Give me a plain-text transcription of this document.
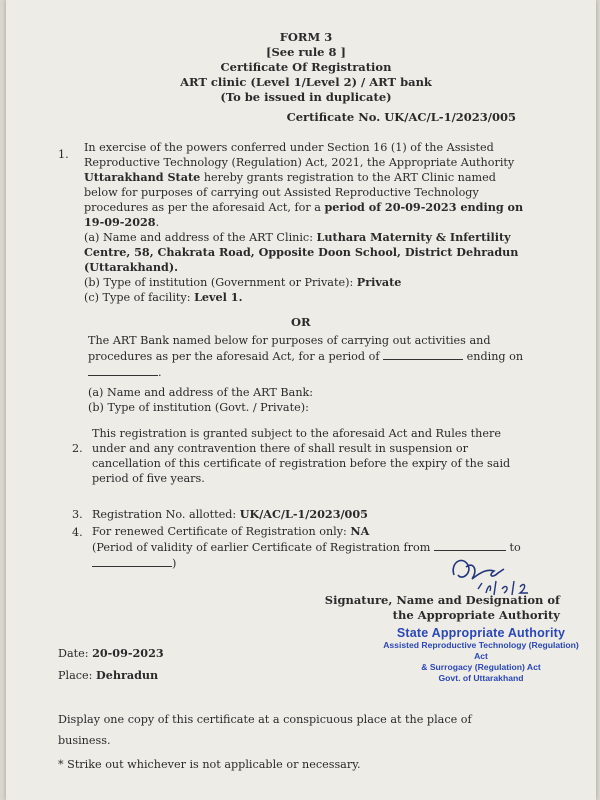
FORM 3
[See rule 8 ]
Certificate Of Registration
ART clinic (Level 1/Level 2) / ART bank
(To be issued in duplicate)
Certificate No. UK/AC/L-1/2023/005
1.
In exercise of the powers conferred under Section 16 (1) of the Assisted
Reproductive Technology (Regulation) Act, 2021, the Appropriate Authority
Uttarakhand State hereby grants registration to the ART Clinic named
below for purposes of carrying out Assisted Reproductive Technology
procedures as per the aforesaid Act, for a period of 20-09-2023 ending on
19-09-2028.
(a) Name and address of the ART Clinic: Luthara Maternity & Infertility
Centre, 58, Chakrata Road, Opposite Doon School, District Dehradun
(Uttarakhand).
(b) Type of institution (Government or Private): Private
(c) Type of facility: Level 1.
OR
The ART Bank named below for purposes of carrying out activities and
procedures as per the aforesaid Act, for a period of	ending on
.
(a) Name and address of the ART Bank:
(b) Type of institution (Govt. / Private):
2.
This registration is granted subject to the aforesaid Act and Rules there
under and any contravention there of shall result in suspension or
cancellation of this certificate of registration before the expiry of the said
period of five years.
3. Registration No. allotted: UK/AC/L-1/2023/005
4. For renewed Certificate of Registration only: NA
(Period of validity of earlier Certificate of Registration from	to
)
Signature, Name and Designation of
the Appropriate Authority
State Appropriate Authority
Assisted Reproductive Technology (Regulation) Act
& Surrogacy (Regulation) Act
Govt. of Uttarakhand
Date: 20-09-2023
Place: Dehradun
Display one copy of this certificate at a conspicuous place at the place of
business.
* Strike out whichever is not applicable or necessary.
